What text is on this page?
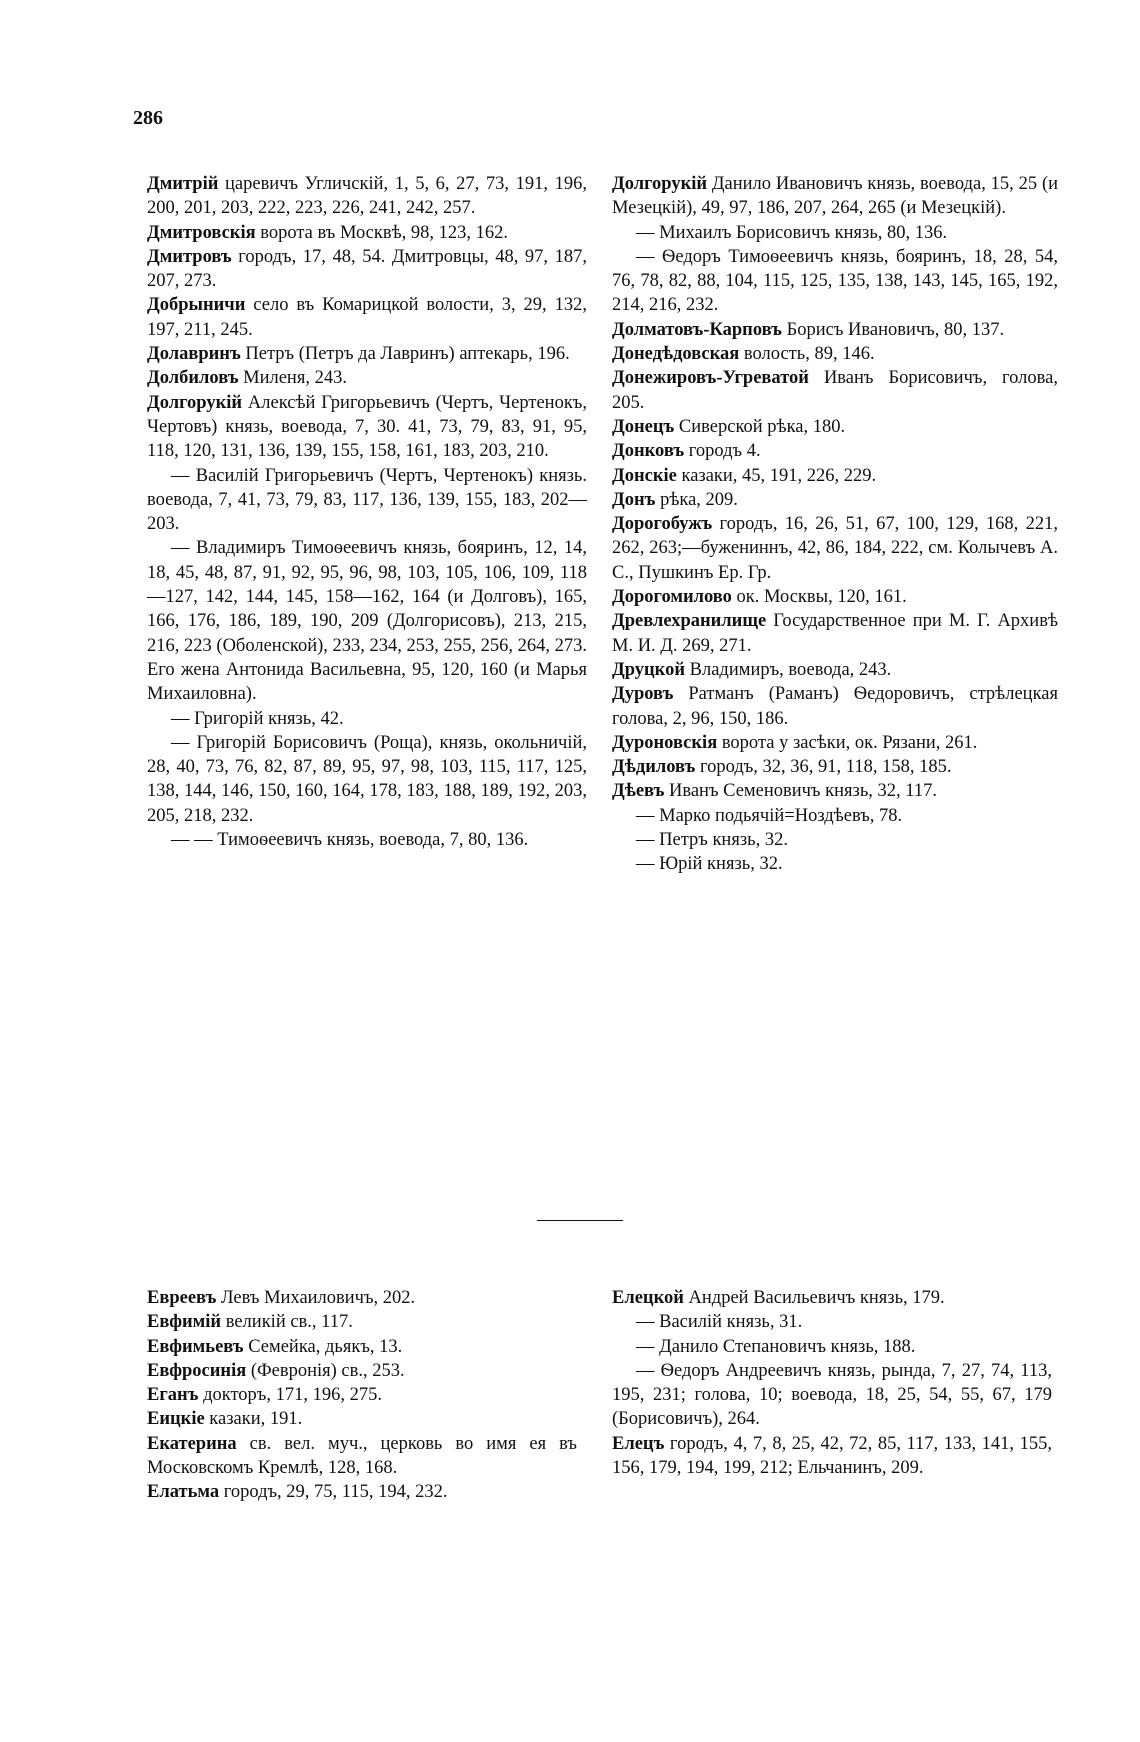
286

Дмитрій царевичъ Угличскій, 1, 5, 6, 27, 73, 191, 196, 200, 201, 203, 222, 223, 226, 241, 242, 257.

Дмитровскія ворота въ Москвѣ, 98, 123, 162.

Дмитровъ городъ, 17, 48, 54. Дмитровцы, 48, 97, 187, 207, 273.

Добрыничи село въ Комарицкой волости, 3, 29, 132, 197, 211, 245.

Долавринъ Петръ (Петръ да Лавринъ) аптекарь, 196.

Долбиловъ Миленя, 243.

Долгорукій Алексѣй Григорьевичъ (Чертъ, Чертенокъ, Чертовъ) князь, воевода, 7, 30. 41, 73, 79, 83, 91, 95, 118, 120, 131, 136, 139, 155, 158, 161, 183, 203, 210.

— Василій Григорьевичъ (Чертъ, Чертенокъ) князь. воевода, 7, 41, 73, 79, 83, 117, 136, 139, 155, 183, 202—203.

— Владимиръ Тимоѳеевичъ князь, бояринъ, 12, 14, 18, 45, 48, 87, 91, 92, 95, 96, 98, 103, 105, 106, 109, 118—127, 142, 144, 145, 158—162, 164 (и Долговъ), 165, 166, 176, 186, 189, 190, 209 (Долгорисовъ), 213, 215, 216, 223 (Оболенской), 233, 234, 253, 255, 256, 264, 273. Его жена Антонида Васильевна, 95, 120, 160 (и Марья Михаиловна).

— Григорій князь, 42.

— Григорій Борисовичъ (Роща), князь, окольничій, 28, 40, 73, 76, 82, 87, 89, 95, 97, 98, 103, 115, 117, 125, 138, 144, 146, 150, 160, 164, 178, 183, 188, 189, 192, 203, 205, 218, 232.

— — Тимоѳеевичъ князь, воевода, 7, 80, 136.

Долгорукій Данило Ивановичъ князь, воевода, 15, 25 (и Мезецкій), 49, 97, 186, 207, 264, 265 (и Мезецкій).

— Михаилъ Борисовичъ князь, 80, 136.

— Ѳедоръ Тимоѳеевичъ князь, бояринъ, 18, 28, 54, 76, 78, 82, 88, 104, 115, 125, 135, 138, 143, 145, 165, 192, 214, 216, 232.

Долматовъ-Карповъ Борисъ Ивановичъ, 80, 137.

Донедѣдовская волость, 89, 146.

Донежировъ-Угреватой Иванъ Борисовичъ, голова, 205.

Донецъ Сиверской рѣка, 180.

Донковъ городъ 4.

Донскіе казаки, 45, 191, 226, 229.

Донъ рѣка, 209.

Дорогобужъ городъ, 16, 26, 51, 67, 100, 129, 168, 221, 262, 263;—бужениннъ, 42, 86, 184, 222, см. Колычевъ А. С., Пушкинъ Ер. Гр.

Дорогомилово ок. Москвы, 120, 161.

Древлехранилище Государственное при М. Г. Архивѣ М. И. Д. 269, 271.

Друцкой Владимиръ, воевода, 243.

Дуровъ Ратманъ (Раманъ) Ѳедоровичъ, стрѣлецкая голова, 2, 96, 150, 186.

Дуроновскія ворота у засѣки, ок. Рязани, 261.

Дѣдиловъ городъ, 32, 36, 91, 118, 158, 185.

Дѣевъ Иванъ Семеновичъ князь, 32, 117.

— Марко подьячій=Ноздѣевъ, 78.

— Петръ князь, 32.

— Юрій князь, 32.

Евреевъ Левъ Михаиловичъ, 202.

Евфимій великій св., 117.

Евфимьевъ Семейка, дьякъ, 13.

Евфросинія (Февронія) св., 253.

Еганъ докторъ, 171, 196, 275.

Еицкіе казаки, 191.

Екатерина св. вел. муч., церковь во имя ея въ Московскомъ Кремлѣ, 128, 168.

Елатьма городъ, 29, 75, 115, 194, 232.

Елецкой Андрей Васильевичъ князь, 179.

— Василій князь, 31.

— Данило Степановичъ князь, 188.

— Ѳедоръ Андреевичъ князь, рында, 7, 27, 74, 113, 195, 231; голова, 10; воевода, 18, 25, 54, 55, 67, 179 (Борисовичъ), 264.

Елецъ городъ, 4, 7, 8, 25, 42, 72, 85, 117, 133, 141, 155, 156, 179, 194, 199, 212; Ельчанинъ, 209.
